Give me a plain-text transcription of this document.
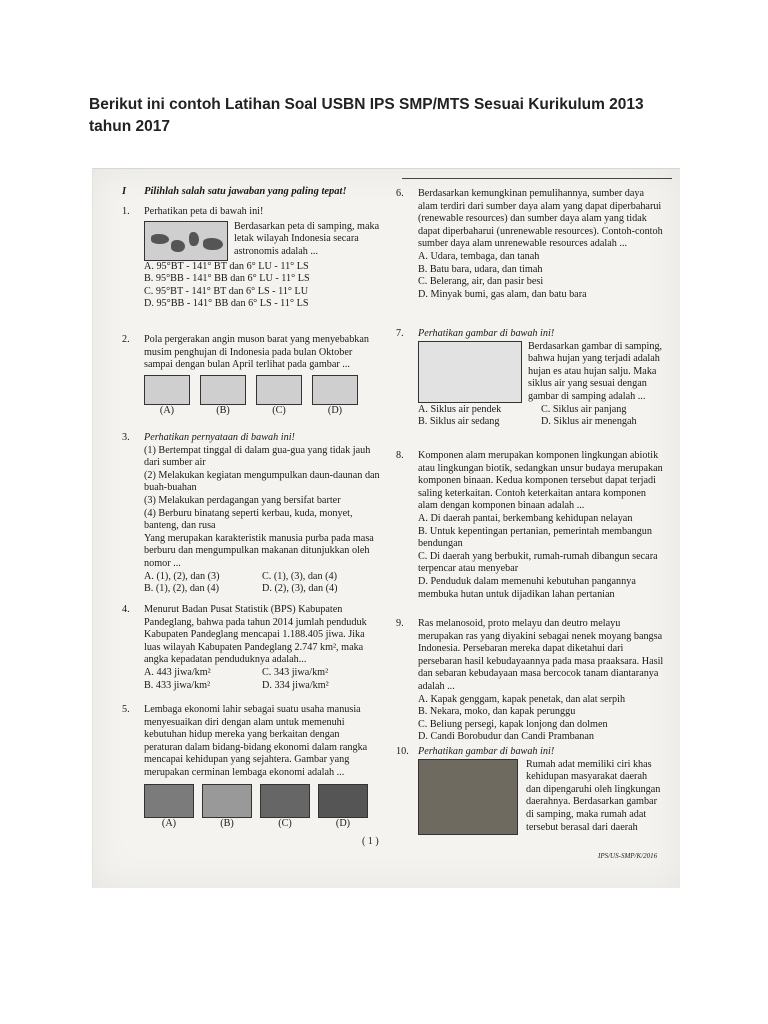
Berikut ini contoh Latihan Soal USBN IPS SMP/MTS Sesuai Kurikulum 2013 tahun 2017
I Pilihlah salah satu jawaban yang paling tepat!
1. Perhatikan peta di bawah ini!
Berdasarkan peta di samping, maka letak wilayah Indonesia secara astronomis adalah ...
A. 95°BT - 141° BT dan 6° LU - 11° LS
B. 95°BB - 141° BB dan 6° LU - 11° LS
C. 95°BT - 141° BT dan 6° LS - 11° LU
D. 95°BB - 141° BB dan 6° LS - 11° LS
2. Pola pergerakan angin muson barat yang menyebabkan musim penghujan di Indonesia pada bulan Oktober sampai dengan bulan April terlihat pada gambar ...
(A)	(B)	(C)	(D)
3. Perhatikan pernyataan di bawah ini!
(1) Bertempat tinggal di dalam gua-gua yang tidak jauh dari sumber air
(2) Melakukan kegiatan mengumpulkan daun-daunan dan buah-buahan
(3) Melakukan perdagangan yang bersifat barter
(4) Berburu binatang seperti kerbau, kuda, monyet, banteng, dan rusa
Yang merupakan karakteristik manusia purba pada masa berburu dan mengumpulkan makanan ditunjukkan oleh nomor ...
A. (1), (2), dan (3)	C. (1), (3), dan (4)
B. (1), (2), dan (4)	D. (2), (3), dan (4)
4. Menurut Badan Pusat Statistik (BPS) Kabupaten Pandeglang, bahwa pada tahun 2014 jumlah penduduk Kabupaten Pandeglang mencapai 1.188.405 jiwa. Jika luas wilayah Kabupaten Pandeglang 2.747 km², maka angka kepadatan penduduknya adalah...
A. 443 jiwa/km²	C. 343 jiwa/km²
B. 433 jiwa/km²	D. 334 jiwa/km²
5. Lembaga ekonomi lahir sebagai suatu usaha manusia menyesuaikan diri dengan alam untuk memenuhi kebutuhan hidup mereka yang berkaitan dengan peraturan dalam bidang-bidang ekonomi dalam rangka mencapai kehidupan yang sejahtera. Gambar yang merupakan cerminan lembaga ekonomi adalah ...
(A)	(B)	(C)	(D)
6. Berdasarkan kemungkinan pemulihannya, sumber daya alam terdiri dari sumber daya alam yang dapat diperbaharui (renewable resources) dan sumber daya alam yang tidak dapat diperbaharui (unrenewable resources). Contoh-contoh sumber daya alam unrenewable resources adalah ...
A. Udara, tembaga, dan tanah
B. Batu bara, udara, dan timah
C. Belerang, air, dan pasir besi
D. Minyak bumi, gas alam, dan batu bara
7. Perhatikan gambar di bawah ini!
Berdasarkan gambar di samping, bahwa hujan yang terjadi adalah hujan es atau hujan salju. Maka siklus air yang sesuai dengan gambar di samping adalah ...
A. Siklus air pendek	C. Siklus air panjang
B. Siklus air sedang	D. Siklus air menengah
8. Komponen alam merupakan komponen lingkungan abiotik atau lingkungan biotik, sedangkan unsur budaya merupakan komponen binaan. Kedua komponen tersebut dapat terjadi saling keterkaitan. Contoh keterkaitan antara komponen alam dengan komponen binaan adalah ...
A. Di daerah pantai, berkembang kehidupan nelayan
B. Untuk kepentingan pertanian, pemerintah membangun bendungan
C. Di daerah yang berbukit, rumah-rumah dibangun secara terpencar atau menyebar
D. Penduduk dalam memenuhi kebutuhan pangannya membuka hutan untuk dijadikan lahan pertanian
9. Ras melanosoid, proto melayu dan deutro melayu merupakan ras yang diyakini sebagai nenek moyang bangsa Indonesia. Persebaran mereka dapat diketahui dari persebaran hasil kebudayaannya pada masa praaksara. Hasil dan sebaran kebudayaan masa bercocok tanam diantaranya adalah ...
A. Kapak genggam, kapak penetak, dan alat serpih
B. Nekara, moko, dan kapak perunggu
C. Beliung persegi, kapak lonjong dan dolmen
D. Candi Borobudur dan Candi Prambanan
10. Perhatikan gambar di bawah ini!
Rumah adat memiliki ciri khas kehidupan masyarakat daerah dan dipengaruhi oleh lingkungan daerahnya. Berdasarkan gambar di samping, maka rumah adat tersebut berasal dari daerah
( 1 )
IPS/US-SMP/K/2016
